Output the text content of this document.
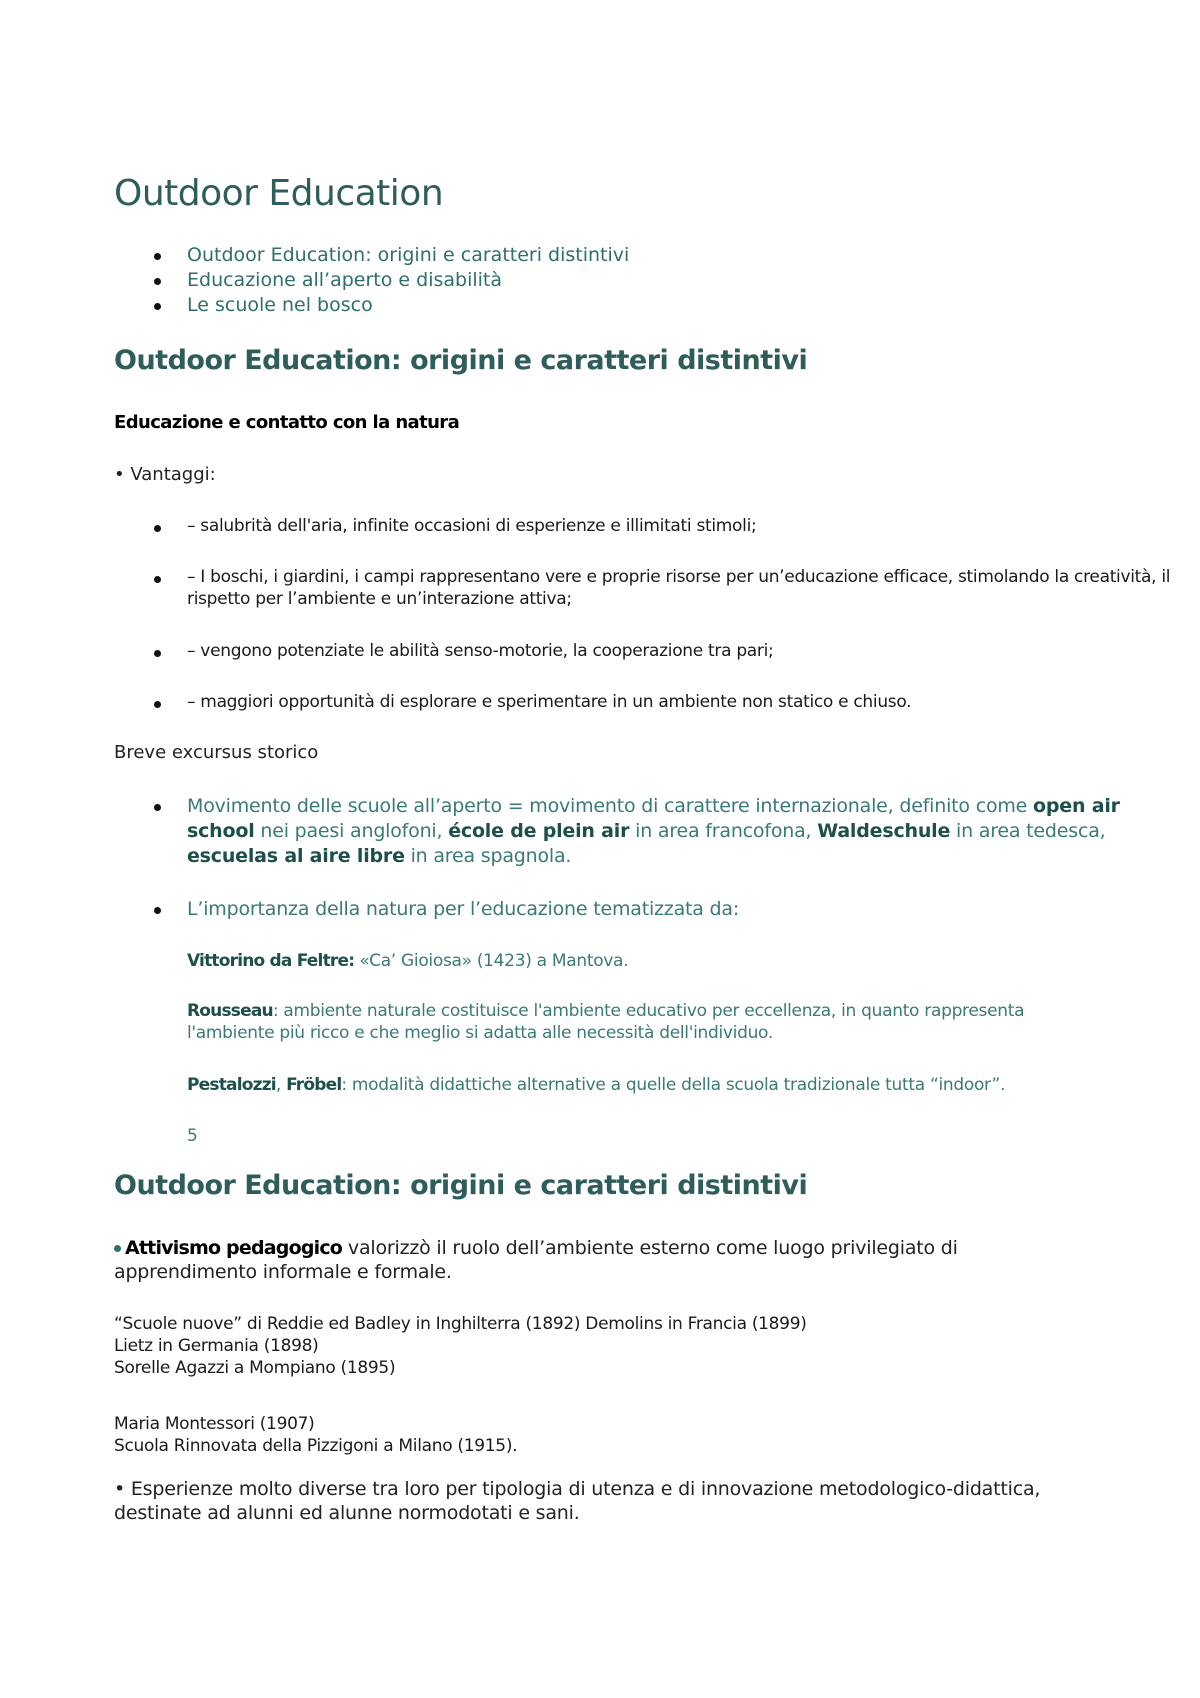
Outdoor Education
Outdoor Education: origini e caratteri distintivi
Educazione all’aperto e disabilità
Le scuole nel bosco
Outdoor Education: origini e caratteri distintivi
Educazione e contatto con la natura
• Vantaggi:
– salubrità dell'aria, infinite occasioni di esperienze e illimitati stimoli;
– I boschi, i giardini, i campi rappresentano vere e proprie risorse per un’educazione efficace, stimolando la creatività, il rispetto per l’ambiente e un’interazione attiva;
– vengono potenziate le abilità senso-motorie, la cooperazione tra pari;
– maggiori opportunità di esplorare e sperimentare in un ambiente non statico e chiuso.
Breve excursus storico
Movimento delle scuole all’aperto = movimento di carattere internazionale, definito come open air school nei paesi anglofoni, école de plein air in area francofona, Waldeschule in area tedesca, escuelas al aire libre in area spagnola.
L’importanza della natura per l’educazione tematizzata da:
Vittorino da Feltre: «Ca’ Gioiosa» (1423) a Mantova.
Rousseau: ambiente naturale costituisce l'ambiente educativo per eccellenza, in quanto rappresenta l'ambiente più ricco e che meglio si adatta alle necessità dell'individuo.
Pestalozzi, Fröbel: modalità didattiche alternative a quelle della scuola tradizionale tutta “indoor”.
5
Outdoor Education: origini e caratteri distintivi
Attivismo pedagogico valorizzò il ruolo dell’ambiente esterno come luogo privilegiato di apprendimento informale e formale.
“Scuole nuove” di Reddie ed Badley in Inghilterra (1892) Demolins in Francia (1899)
Lietz in Germania (1898)
Sorelle Agazzi a Mompiano (1895)
Maria Montessori (1907)
Scuola Rinnovata della Pizzigoni a Milano (1915).
• Esperienze molto diverse tra loro per tipologia di utenza e di innovazione metodologico-didattica, destinate ad alunni ed alunne normodotati e sani.
